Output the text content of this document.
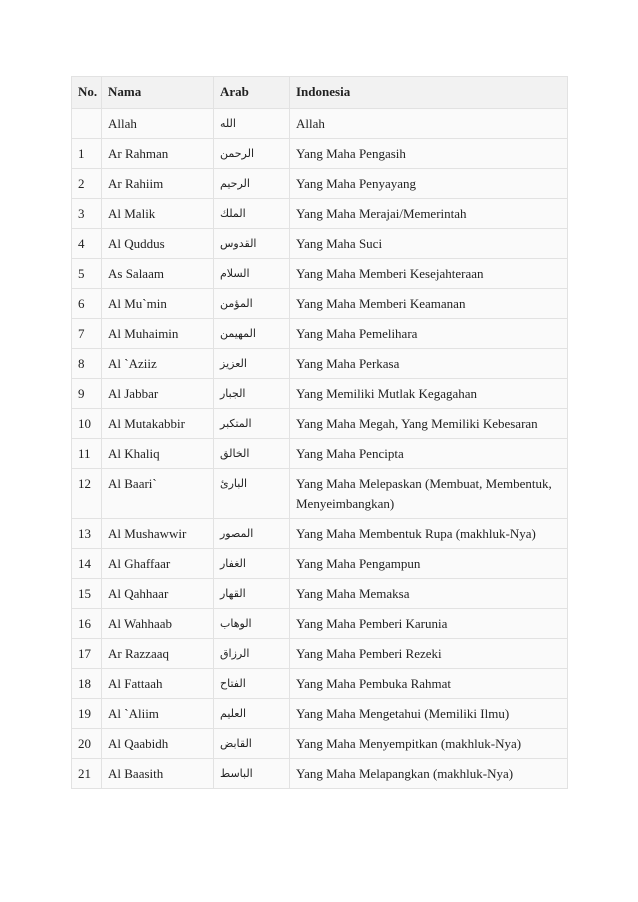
No.	Nama	Arab	Indonesia
	Allah	الله	Allah
1	Ar Rahman	الرحمن	Yang Maha Pengasih
2	Ar Rahiim	الرحيم	Yang Maha Penyayang
3	Al Malik	الملك	Yang Maha Merajai/Memerintah
4	Al Quddus	القدوس	Yang Maha Suci
5	As Salaam	السلام	Yang Maha Memberi Kesejahteraan
6	Al Mu`min	المؤمن	Yang Maha Memberi Keamanan
7	Al Muhaimin	المهيمن	Yang Maha Pemelihara
8	Al `Aziiz	العزيز	Yang Maha Perkasa
9	Al Jabbar	الجبار	Yang Memiliki Mutlak Kegagahan
10	Al Mutakabbir	المتكبر	Yang Maha Megah, Yang Memiliki Kebesaran
11	Al Khaliq	الخالق	Yang Maha Pencipta
12	Al Baari`	البارئ	Yang Maha Melepaskan (Membuat, Membentuk, Menyeimbangkan)
13	Al Mushawwir	المصور	Yang Maha Membentuk Rupa (makhluk-Nya)
14	Al Ghaffaar	الغفار	Yang Maha Pengampun
15	Al Qahhaar	القهار	Yang Maha Memaksa
16	Al Wahhaab	الوهاب	Yang Maha Pemberi Karunia
17	Ar Razzaaq	الرزاق	Yang Maha Pemberi Rezeki
18	Al Fattaah	الفتاح	Yang Maha Pembuka Rahmat
19	Al `Aliim	العليم	Yang Maha Mengetahui (Memiliki Ilmu)
20	Al Qaabidh	القابض	Yang Maha Menyempitkan (makhluk-Nya)
21	Al Baasith	الباسط	Yang Maha Melapangkan (makhluk-Nya)
